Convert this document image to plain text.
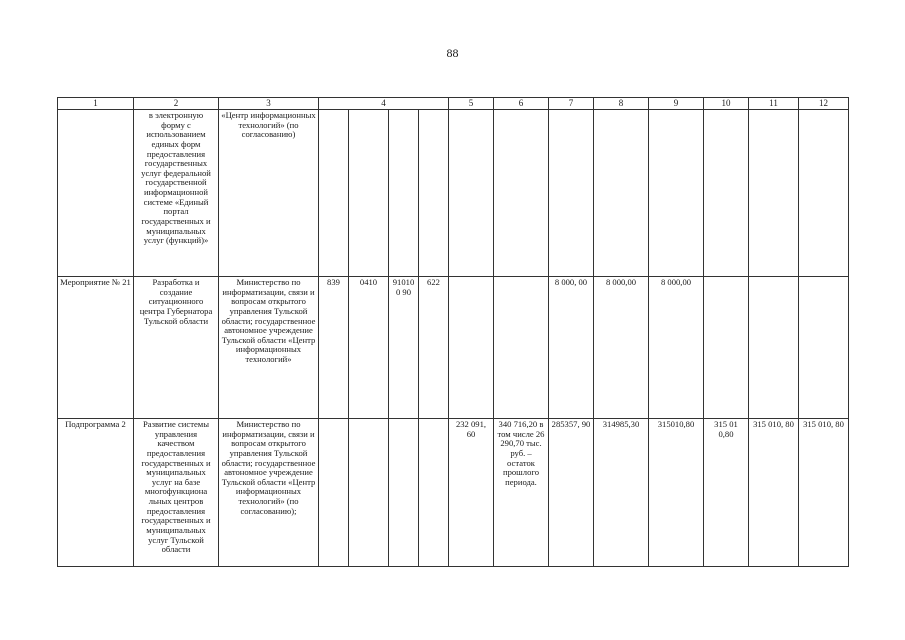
88
1	2	3	4				5	6	7	8	9	10	11	12
	в электронную форму с использованием единых форм предоставления государственных услуг федеральной государственной информационной системе «Единый портал государственных и муниципальных услуг (функций)»	«Центр информационных технологий» (по согласованию)												
Мероприятие № 21	Разработка и создание ситуационного центра Губернатора Тульской области	Министерство по информатизации, связи и вопросам открытого управления Тульской области; государственное автономное учреждение Тульской области «Центр информационных технологий»	839	0410	910100 90	622			8 000, 00	8 000,00	8 000,00			
Подпрограмма 2	Развитие системы управления качеством предоставления государственных и муниципальных услуг на базе многофункциона льных центров предоставления государственных и муниципальных услуг Тульской области	Министерство по информатизации, связи и вопросам открытого управления Тульской области; государственное автономное учреждение Тульской области «Центр информационных технологий» (по согласованию);					232 091, 60	340 716,20 в том числе 26 290,70 тыс. руб. – остаток прошлого периода.	285357, 90	314985,30	315010,80	315 01 0,80	315 010, 80	315 010, 80
